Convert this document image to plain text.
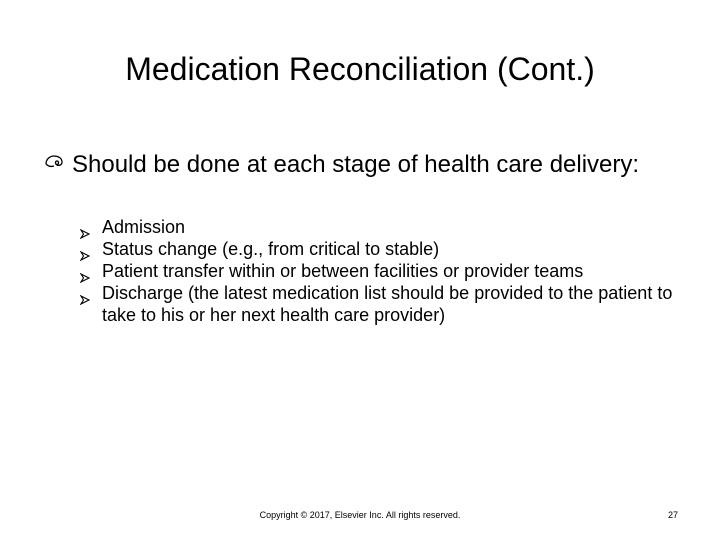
Medication Reconciliation (Cont.)

Should be done at each stage of health care delivery:

Admission
Status change (e.g., from critical to stable)
Patient transfer within or between facilities or provider teams
Discharge (the latest medication list should be provided to the patient to take to his or her next health care provider)
Copyright © 2017, Elsevier Inc. All rights reserved.	27
